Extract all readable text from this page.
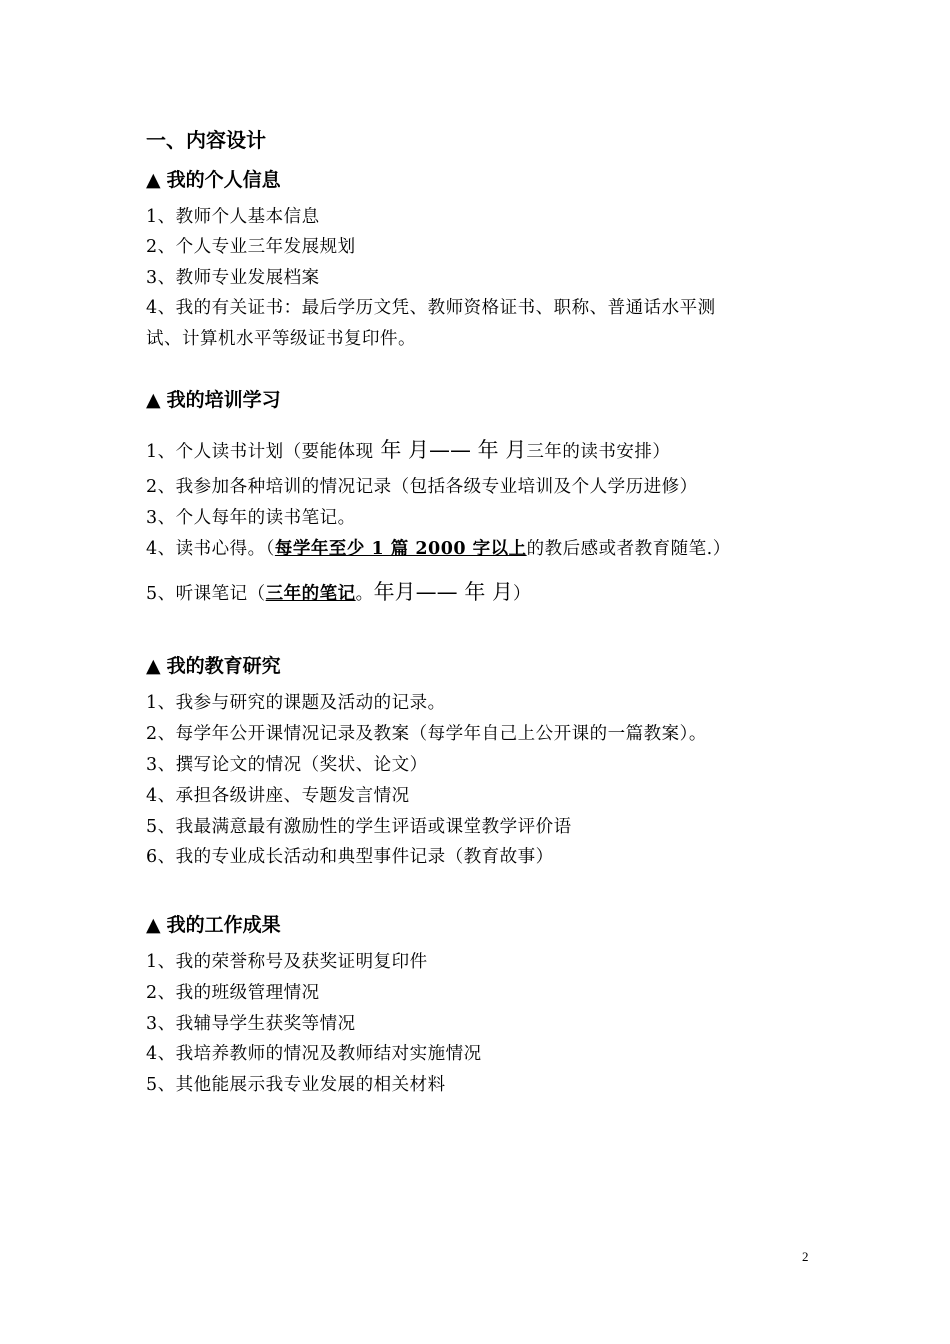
一、内容设计
▲ 我的个人信息
1、教师个人基本信息
2、个人专业三年发展规划
3、教师专业发展档案
4、我的有关证书：最后学历文凭、教师资格证书、职称、普通话水平测
试、计算机水平等级证书复印件。
▲ 我的培训学习
1、个人读书计划（要能体现 年 月—— 年 月三年的读书安排）
2、我参加各种培训的情况记录（包括各级专业培训及个人学历进修）
3、个人每年的读书笔记。
4、读书心得。（每学年至少 1 篇 2000 字以上的教后感或者教育随笔.）
5、听课笔记（三年的笔记。年月—— 年 月）
▲ 我的教育研究
1、我参与研究的课题及活动的记录。
2、每学年公开课情况记录及教案（每学年自己上公开课的一篇教案）。
3、撰写论文的情况（奖状、论文）
4、承担各级讲座、专题发言情况
5、我最满意最有激励性的学生评语或课堂教学评价语
6、我的专业成长活动和典型事件记录（教育故事）
▲ 我的工作成果
1、我的荣誉称号及获奖证明复印件
2、我的班级管理情况
3、我辅导学生获奖等情况
4、我培养教师的情况及教师结对实施情况
5、其他能展示我专业发展的相关材料
2
